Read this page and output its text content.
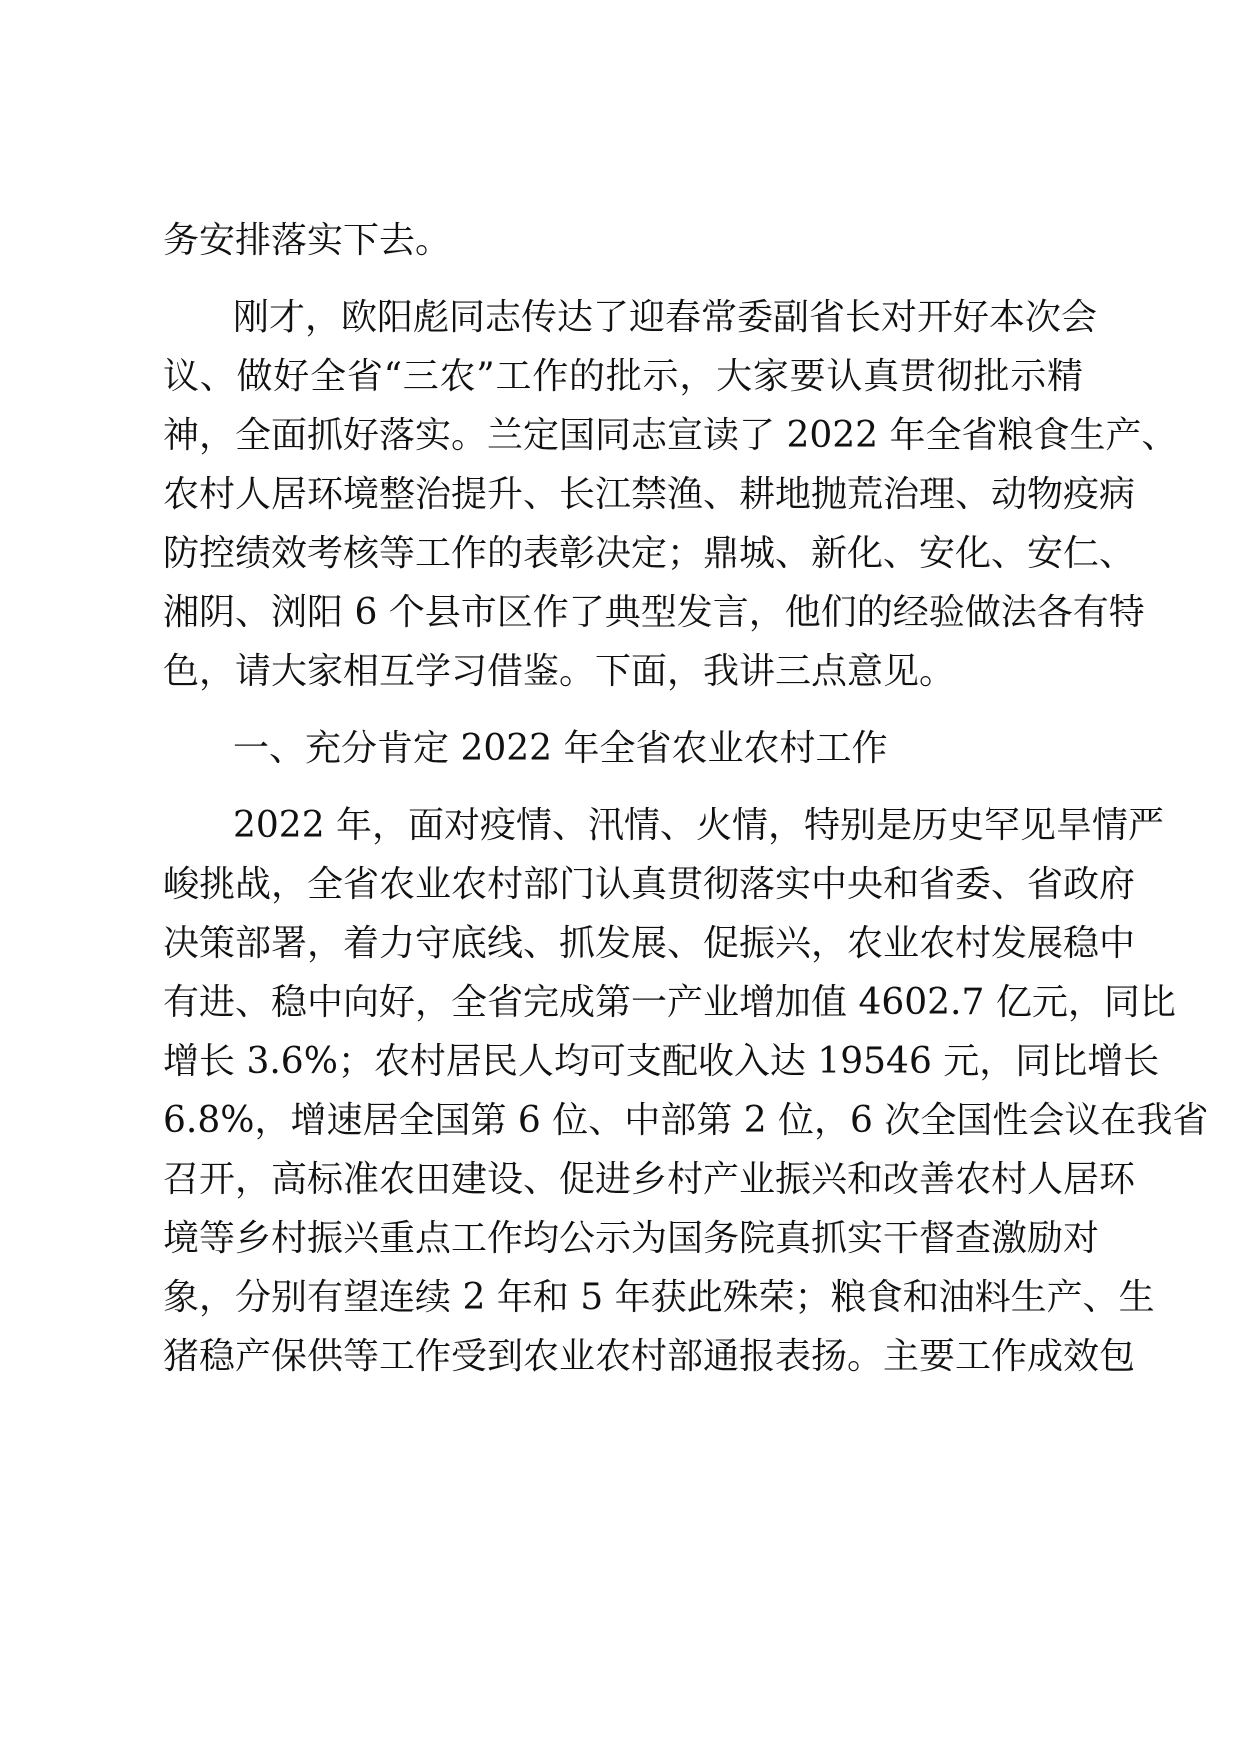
务安排落实下去。
刚才，欧阳彪同志传达了迎春常委副省长对开好本次会
议、做好全省“三农”工作的批示，大家要认真贯彻批示精
神，全面抓好落实。兰定国同志宣读了 2022 年全省粮食生产、
农村人居环境整治提升、长江禁渔、耕地抛荒治理、动物疫病
防控绩效考核等工作的表彰决定；鼎城、新化、安化、安仁、
湘阴、浏阳 6 个县市区作了典型发言，他们的经验做法各有特
色，请大家相互学习借鉴。下面，我讲三点意见。
一、充分肯定 2022 年全省农业农村工作
2022 年，面对疫情、汛情、火情，特别是历史罕见旱情严
峻挑战，全省农业农村部门认真贯彻落实中央和省委、省政府
决策部署，着力守底线、抓发展、促振兴，农业农村发展稳中
有进、稳中向好，全省完成第一产业增加值 4602.7 亿元，同比
增长 3.6%；农村居民人均可支配收入达 19546 元，同比增长
6.8%，增速居全国第 6 位、中部第 2 位，6 次全国性会议在我省
召开，高标准农田建设、促进乡村产业振兴和改善农村人居环
境等乡村振兴重点工作均公示为国务院真抓实干督查激励对
象，分别有望连续 2 年和 5 年获此殊荣；粮食和油料生产、生
猪稳产保供等工作受到农业农村部通报表扬。主要工作成效包
